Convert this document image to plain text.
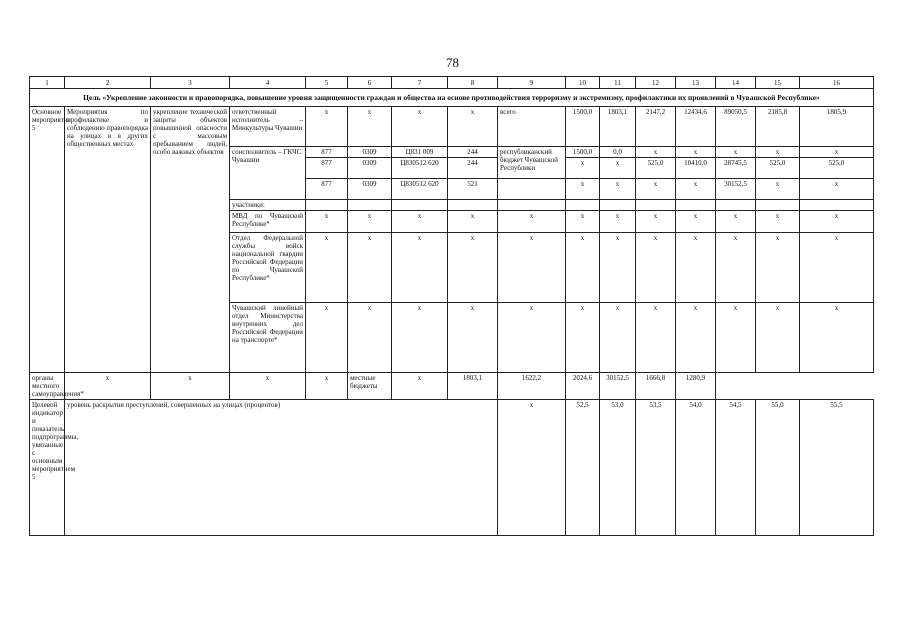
78
1	2	3	4	5	6	7	8	9	10	11	12	13	14	15	16
Цель «Укрепление законности и правопорядка, повышение уровня защищенности граждан и общества на основе противодействия терроризму и экстремизму, профилактики их проявлений в Чувашской Республике»															
Основное мероприятие 5	Мероприятия по профилактике и соблюдению правопорядка на улицах и в других общественных местах	укрепление технической защиты объектов повышенной опасности с массовым пребыванием людей, особо важных объектов	ответственный исполнитель – Минкультуры Чувашии	x	x	x	x	всего	1500,0	1803,1	2147,2	12434,6	89050,5	2185,8	1805,9
			соисполнитель – ГКЧС Чувашии	877	0309	Ц831 009	244	республиканский бюджет Чувашской Республики	1500,0	0,0	x	x	x	x	x
				877	0309	Ц830512 620	244		x	x	525,0	10410,0	28745,5	525,0	525,0
				877	0309	Ц830512 620	521		x	x	x	x	30152,5	x	x
			участники:												
			МВД по Чувашской Республике*	x	x	x	x	x	x	x	x	x	x	x	x
			Отдел Федеральной службы войск национальной гвардии Российской Федерации по Чувашской Республике*	x	x	x	x	x	x	x	x	x	x	x	x
			Чувашский линейный отдел Министерства внутренних дел Российской Федерации на транспорте*	x	x	x	x	x	x	x	x	x	x	x	x
органы местного самоуправления*	x	x	x	x	местные бюджеты	x	1803,1	1622,2	2024,6	30152,5	1666,8	1280,9			
Целевой индикатор и показатель подпрограммы, увязанные с основным мероприятием 5	уровень раскрытия преступлений, совершенных на улицах (процентов)							x	52,5	53,0	53,5	54,0	54,5	55,0	55,5
